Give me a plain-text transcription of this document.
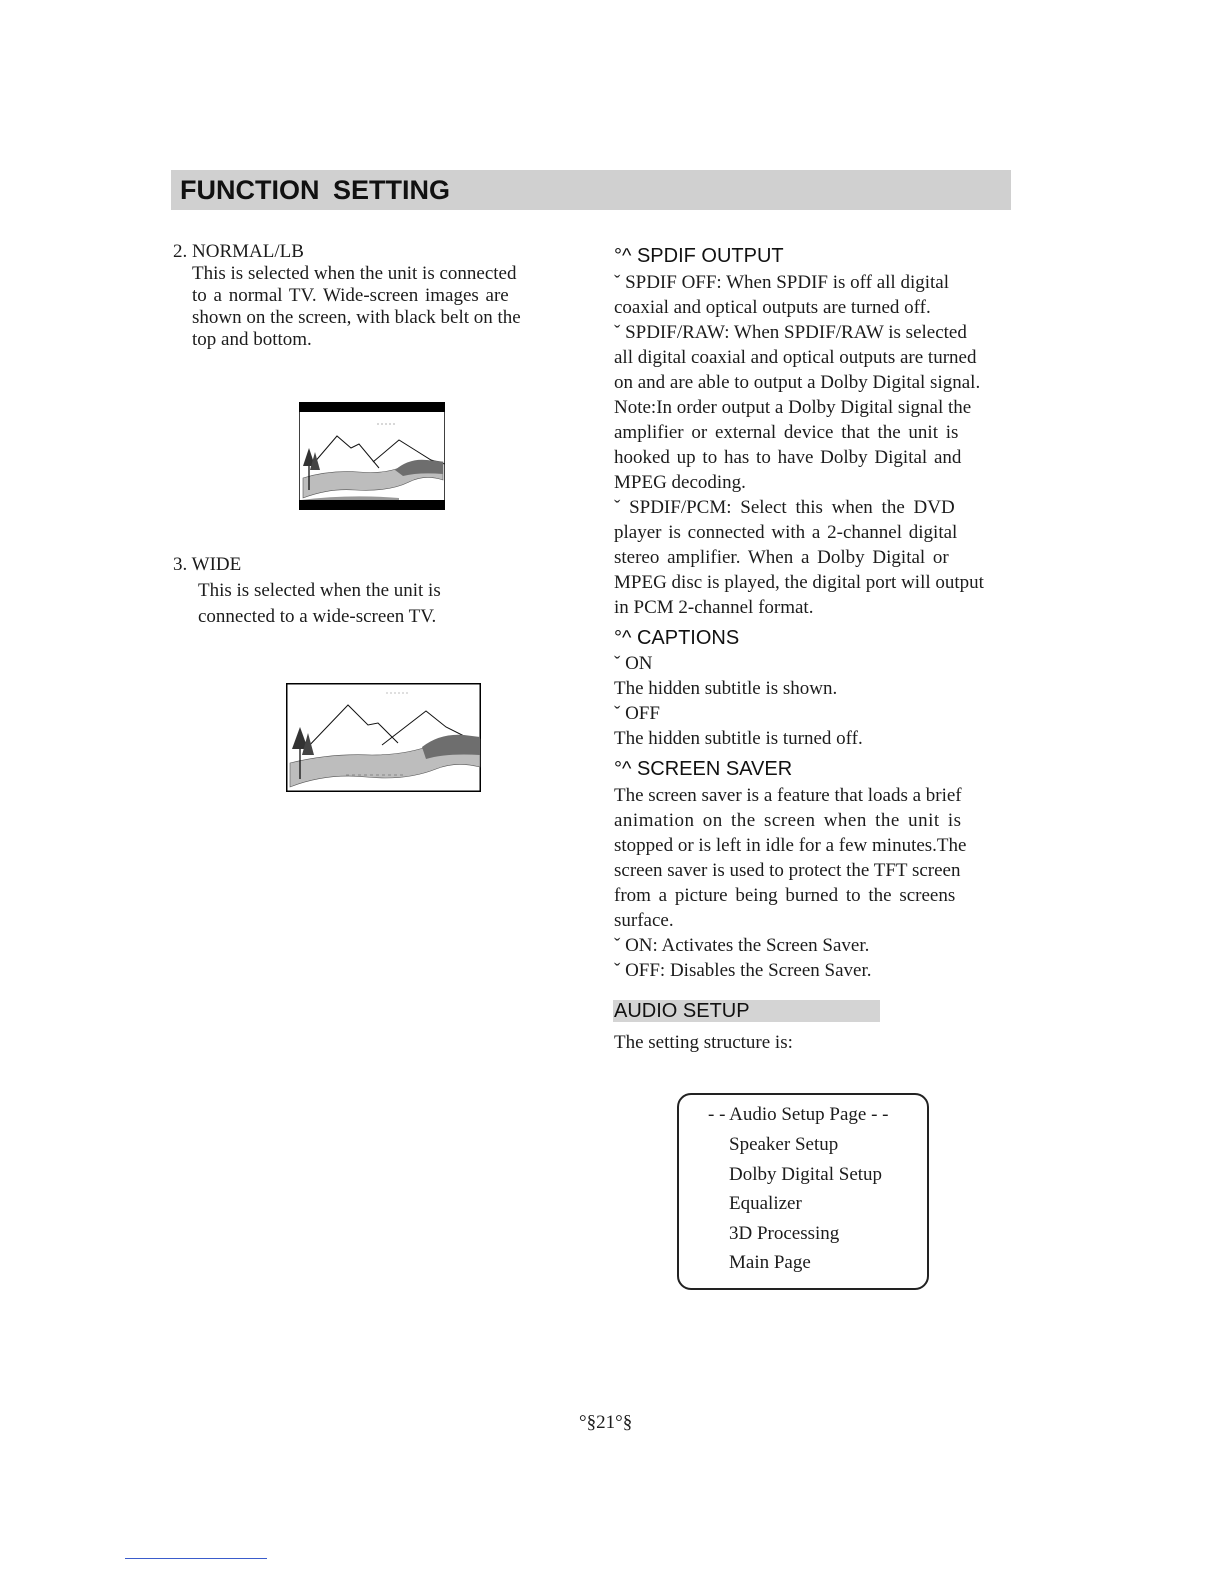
FUNCTION SETTING
2. NORMAL/LB
This is selected when the unit is connected
to a normal TV. Wide-screen images are
shown on the screen, with black belt on the
top and bottom.
3. WIDE
This is selected when the unit is
connected to a wide-screen TV.
°^ SPDIF OUTPUT
ˇ SPDIF OFF: When SPDIF is off all digital
coaxial and optical outputs are turned off.
ˇ SPDIF/RAW: When SPDIF/RAW is selected
all digital coaxial and optical outputs are turned
on and are able to output a Dolby Digital signal.
Note:In order output a Dolby Digital signal the
amplifier or external device that the unit is
hooked up to has to have Dolby Digital and
MPEG decoding.
ˇ SPDIF/PCM: Select this when the DVD
player is connected with a 2-channel digital
stereo amplifier. When a Dolby Digital or
MPEG disc is played, the digital port will output
in PCM 2-channel format.
°^ CAPTIONS
ˇ ON
The hidden subtitle is shown.
ˇ OFF
The hidden subtitle is turned off.
°^ SCREEN SAVER
The screen saver is a feature that loads a brief
animation on the screen when the unit is
stopped or is left in idle for a few minutes.The
screen saver is used to protect the TFT screen
from a picture being burned to the screens
surface.
ˇ ON: Activates the Screen Saver.
ˇ OFF: Disables the Screen Saver.
AUDIO SETUP
The setting structure is:
- - Audio Setup Page - -
Speaker Setup
Dolby Digital Setup
Equalizer
3D Processing
Main Page
°§21°§
